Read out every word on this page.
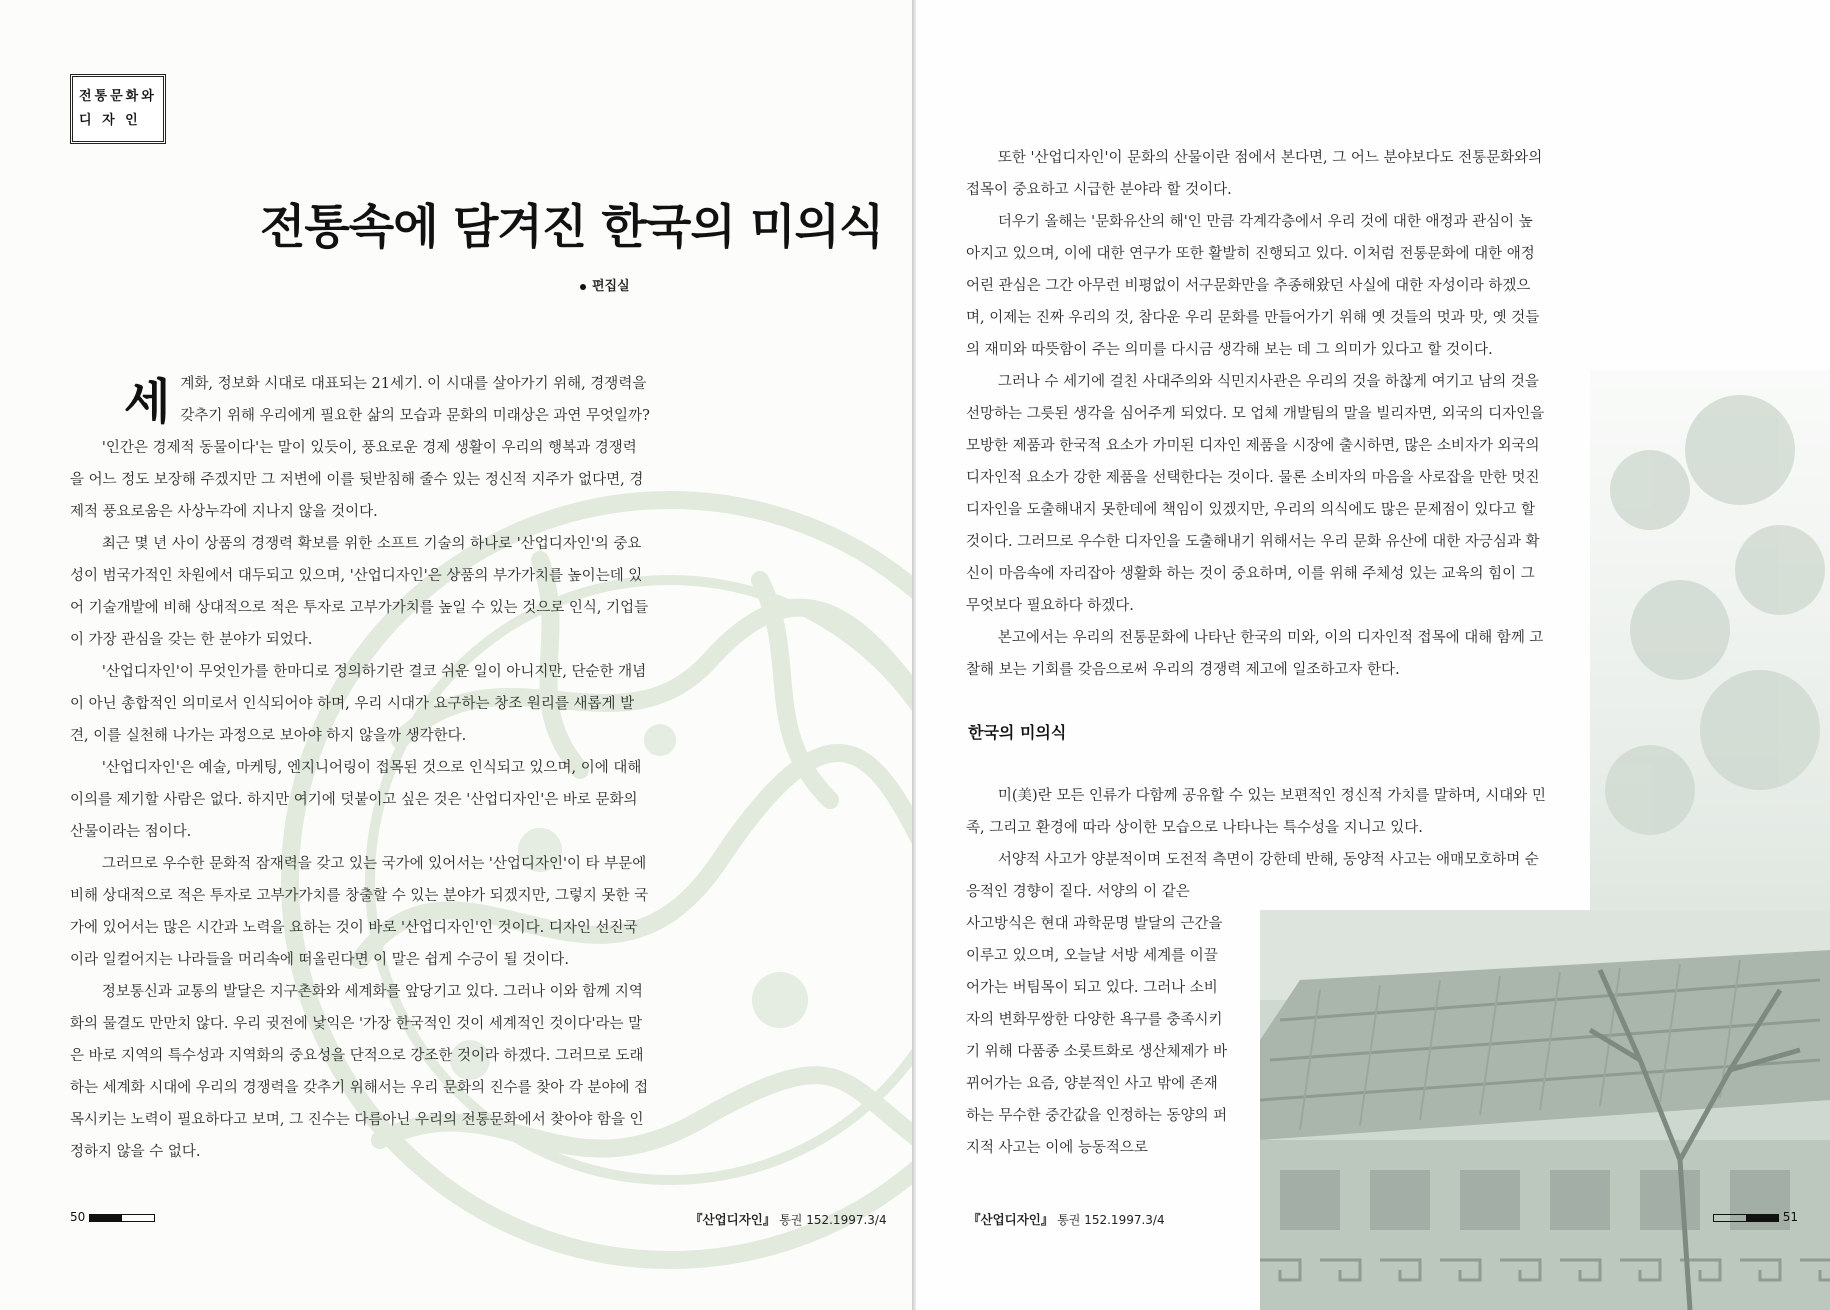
전통문화와
디 자 인
전통속에 담겨진 한국의 미의식
편집실
세 계화, 정보화 시대로 대표되는 21세기. 이 시대를 살아가기 위해, 경쟁력을 갖추기 위해 우리에게 필요한 삶의 모습과 문화의 미래상은 과연 무엇일까?

'인간은 경제적 동물이다'는 말이 있듯이, 풍요로운 경제 생활이 우리의 행복과 경쟁력을 어느 정도 보장해 주겠지만 그 저변에 이를 뒷받침해 줄수 있는 정신적 지주가 없다면, 경제적 풍요로움은 사상누각에 지나지 않을 것이다.

최근 몇 년 사이 상품의 경쟁력 확보를 위한 소프트 기술의 하나로 '산업디자인'의 중요성이 범국가적인 차원에서 대두되고 있으며, '산업디자인'은 상품의 부가가치를 높이는데 있어 기술개발에 비해 상대적으로 적은 투자로 고부가가치를 높일 수 있는 것으로 인식, 기업들이 가장 관심을 갖는 한 분야가 되었다.

'산업디자인'이 무엇인가를 한마디로 정의하기란 결코 쉬운 일이 아니지만, 단순한 개념이 아닌 총합적인 의미로서 인식되어야 하며, 우리 시대가 요구하는 창조 원리를 새롭게 발견, 이를 실천해 나가는 과정으로 보아야 하지 않을까 생각한다.

'산업디자인'은 예술, 마케팅, 엔지니어링이 접목된 것으로 인식되고 있으며, 이에 대해 이의를 제기할 사람은 없다. 하지만 여기에 덧붙이고 싶은 것은 '산업디자인'은 바로 문화의 산물이라는 점이다.

그러므로 우수한 문화적 잠재력을 갖고 있는 국가에 있어서는 '산업디자인'이 타 부문에 비해 상대적으로 적은 투자로 고부가가치를 창출할 수 있는 분야가 되겠지만, 그렇지 못한 국가에 있어서는 많은 시간과 노력을 요하는 것이 바로 '산업디자인'인 것이다. 디자인 선진국이라 일컬어지는 나라들을 머리속에 떠올린다면 이 말은 쉽게 수긍이 될 것이다.

정보통신과 교통의 발달은 지구촌화와 세계화를 앞당기고 있다. 그러나 이와 함께 지역화의 물결도 만만치 않다. 우리 귓전에 낯익은 '가장 한국적인 것이 세계적인 것이다'라는 말은 바로 지역의 특수성과 지역화의 중요성을 단적으로 강조한 것이라 하겠다. 그러므로 도래하는 세계화 시대에 우리의 경쟁력을 갖추기 위해서는 우리 문화의 진수를 찾아 각 분야에 접목시키는 노력이 필요하다고 보며, 그 진수는 다름아닌 우리의 전통문화에서 찾아야 함을 인정하지 않을 수 없다.

50	『산업디자인』 통권 152.1997.3/4

또한 '산업디자인'이 문화의 산물이란 점에서 본다면, 그 어느 분야보다도 전통문화와의 접목이 중요하고 시급한 분야라 할 것이다.

더우기 올해는 '문화유산의 해'인 만큼 각계각층에서 우리 것에 대한 애정과 관심이 높아지고 있으며, 이에 대한 연구가 또한 활발히 진행되고 있다. 이처럼 전통문화에 대한 애정어린 관심은 그간 아무런 비평없이 서구문화만을 추종해왔던 사실에 대한 자성이라 하겠으며, 이제는 진짜 우리의 것, 참다운 우리 문화를 만들어가기 위해 옛 것들의 멋과 맛, 옛 것들의 재미와 따뜻함이 주는 의미를 다시금 생각해 보는 데 그 의미가 있다고 할 것이다.

그러나 수 세기에 걸친 사대주의와 식민지사관은 우리의 것을 하찮게 여기고 남의 것을 선망하는 그릇된 생각을 심어주게 되었다. 모 업체 개발팀의 말을 빌리자면, 외국의 디자인을 모방한 제품과 한국적 요소가 가미된 디자인 제품을 시장에 출시하면, 많은 소비자가 외국의 디자인적 요소가 강한 제품을 선택한다는 것이다. 물론 소비자의 마음을 사로잡을 만한 멋진 디자인을 도출해내지 못한데에 책임이 있겠지만, 우리의 의식에도 많은 문제점이 있다고 할 것이다. 그러므로 우수한 디자인을 도출해내기 위해서는 우리 문화 유산에 대한 자긍심과 확신이 마음속에 자리잡아 생활화 하는 것이 중요하며, 이를 위해 주체성 있는 교육의 힘이 그 무엇보다 필요하다 하겠다.

본고에서는 우리의 전통문화에 나타난 한국의 미와, 이의 디자인적 접목에 대해 함께 고찰해 보는 기회를 갖음으로써 우리의 경쟁력 제고에 일조하고자 한다.

한국의 미의식

미(美)란 모든 인류가 다함께 공유할 수 있는 보편적인 정신적 가치를 말하며, 시대와 민족, 그리고 환경에 따라 상이한 모습으로 나타나는 특수성을 지니고 있다.

서양적 사고가 양분적이며 도전적 측면이 강한데 반해, 동양적 사고는 애매모호하며 순응적인 경향이 짙다. 서양의 이 같은

사고방식은 현대 과학문명 발달의 근간을 이루고 있으며, 오늘날 서방 세계를 이끌어가는 버팀목이 되고 있다. 그러나 소비자의 변화무쌍한 다양한 욕구를 충족시키기 위해 다품종 소롯트화로 생산체제가 바뀌어가는 요즘, 양분적인 사고 밖에 존재하는 무수한 중간값을 인정하는 동양의 퍼지적 사고는 이에 능동적으로

『산업디자인』 통권 152.1997.3/4	51
